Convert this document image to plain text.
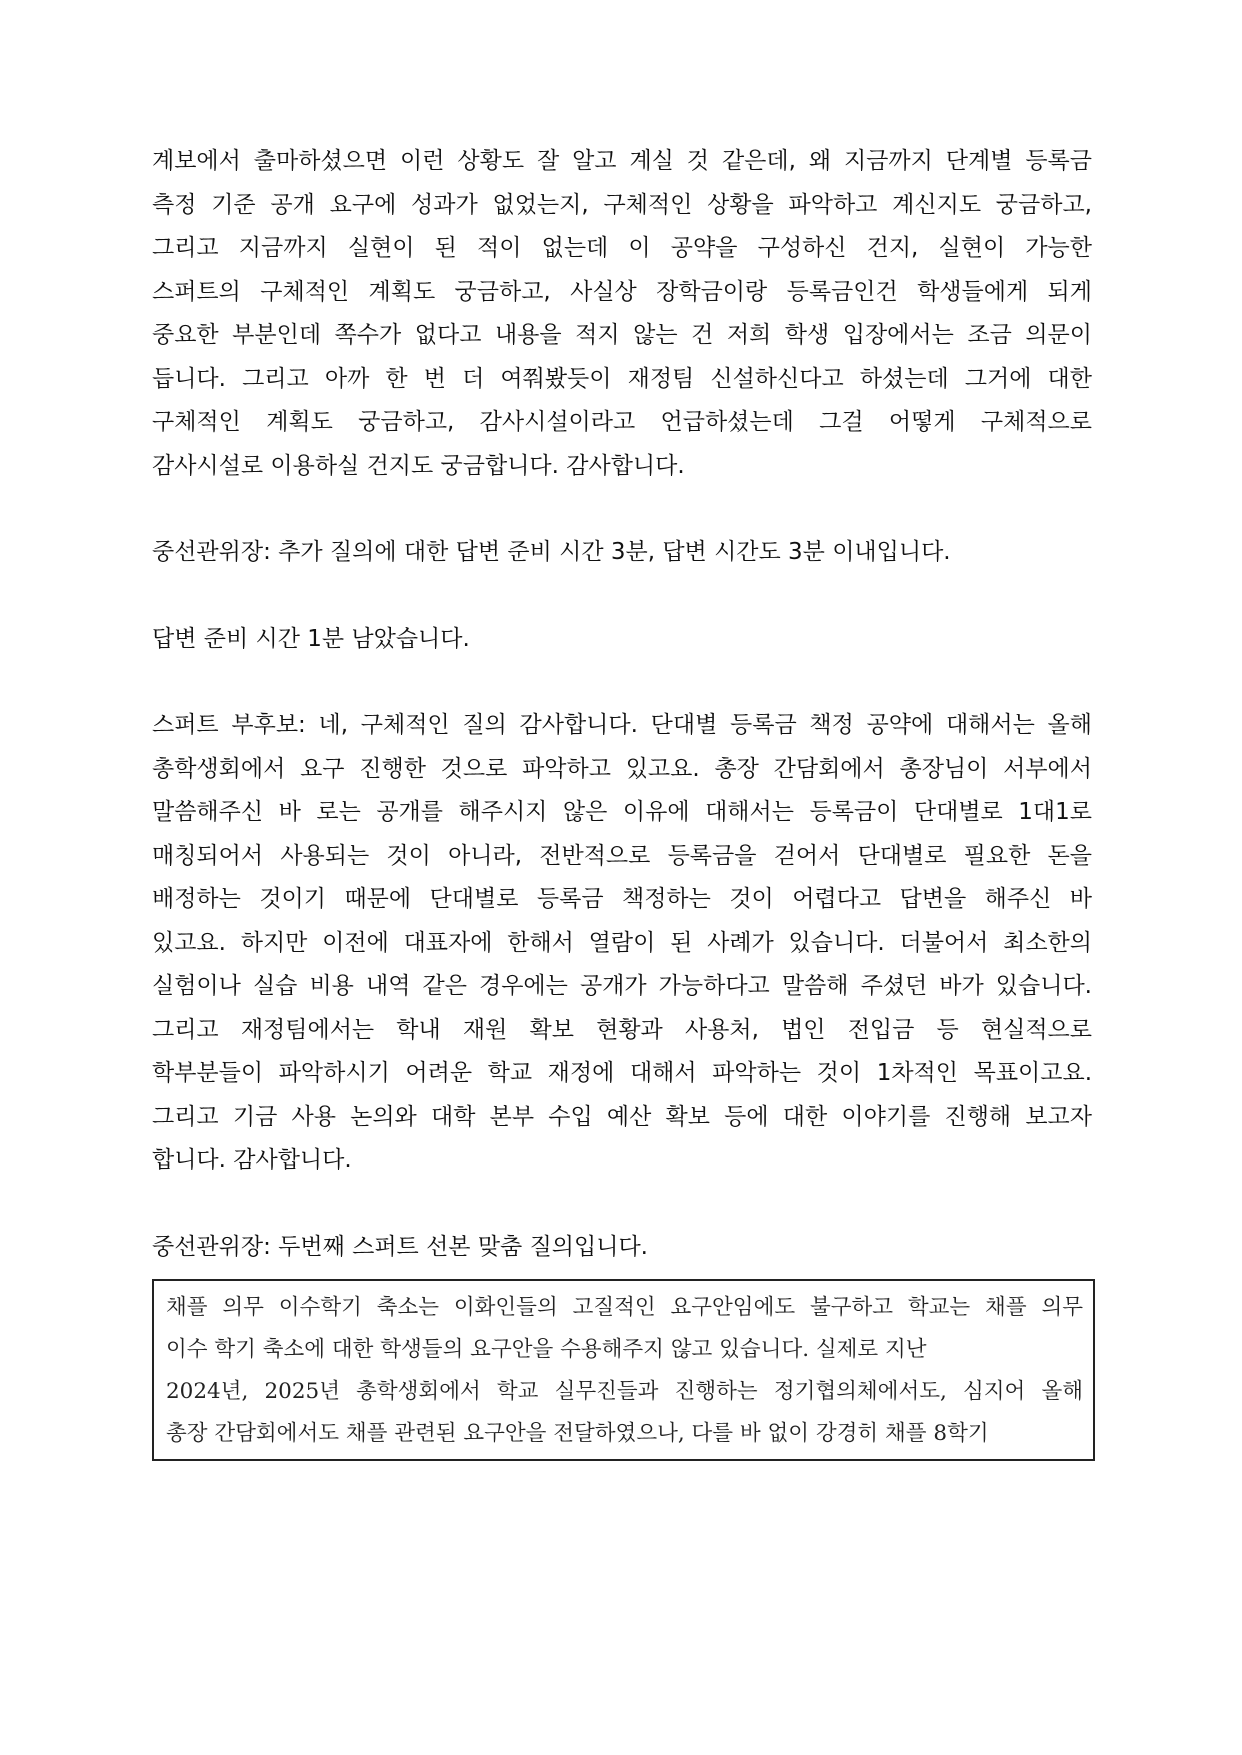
계보에서 출마하셨으면 이런 상황도 잘 알고 계실 것 같은데, 왜 지금까지 단계별 등록금
측정 기준 공개 요구에 성과가 없었는지, 구체적인 상황을 파악하고 계신지도 궁금하고,
그리고 지금까지 실현이 된 적이 없는데 이 공약을 구성하신 건지, 실현이 가능한
스퍼트의 구체적인 계획도 궁금하고, 사실상 장학금이랑 등록금인건 학생들에게 되게
중요한 부분인데 쪽수가 없다고 내용을 적지 않는 건 저희 학생 입장에서는 조금 의문이
듭니다. 그리고 아까 한 번 더 여쭤봤듯이 재정팀 신설하신다고 하셨는데 그거에 대한
구체적인 계획도 궁금하고, 감사시설이라고 언급하셨는데 그걸 어떻게 구체적으로
감사시설로 이용하실 건지도 궁금합니다. 감사합니다.
중선관위장: 추가 질의에 대한 답변 준비 시간 3분, 답변 시간도 3분 이내입니다.
답변 준비 시간 1분 남았습니다.
스퍼트 부후보: 네, 구체적인 질의 감사합니다. 단대별 등록금 책정 공약에 대해서는 올해
총학생회에서 요구 진행한 것으로 파악하고 있고요. 총장 간담회에서 총장님이 서부에서
말씀해주신 바 로는 공개를 해주시지 않은 이유에 대해서는 등록금이 단대별로 1대1로
매칭되어서 사용되는 것이 아니라, 전반적으로 등록금을 걷어서 단대별로 필요한 돈을
배정하는 것이기 때문에 단대별로 등록금 책정하는 것이 어렵다고 답변을 해주신 바
있고요. 하지만 이전에 대표자에 한해서 열람이 된 사례가 있습니다. 더불어서 최소한의
실험이나 실습 비용 내역 같은 경우에는 공개가 가능하다고 말씀해 주셨던 바가 있습니다.
그리고 재정팀에서는 학내 재원 확보 현황과 사용처, 법인 전입금 등 현실적으로
학부분들이 파악하시기 어려운 학교 재정에 대해서 파악하는 것이 1차적인 목표이고요.
그리고 기금 사용 논의와 대학 본부 수입 예산 확보 등에 대한 이야기를 진행해 보고자
합니다. 감사합니다.
중선관위장: 두번째 스퍼트 선본 맞춤 질의입니다.
채플 의무 이수학기 축소는 이화인들의 고질적인 요구안임에도 불구하고 학교는 채플 의무
이수 학기 축소에 대한 학생들의 요구안을 수용해주지 않고 있습니다. 실제로 지난
2024년, 2025년 총학생회에서 학교 실무진들과 진행하는 정기협의체에서도, 심지어 올해
총장 간담회에서도 채플 관련된 요구안을 전달하였으나, 다를 바 없이 강경히 채플 8학기
